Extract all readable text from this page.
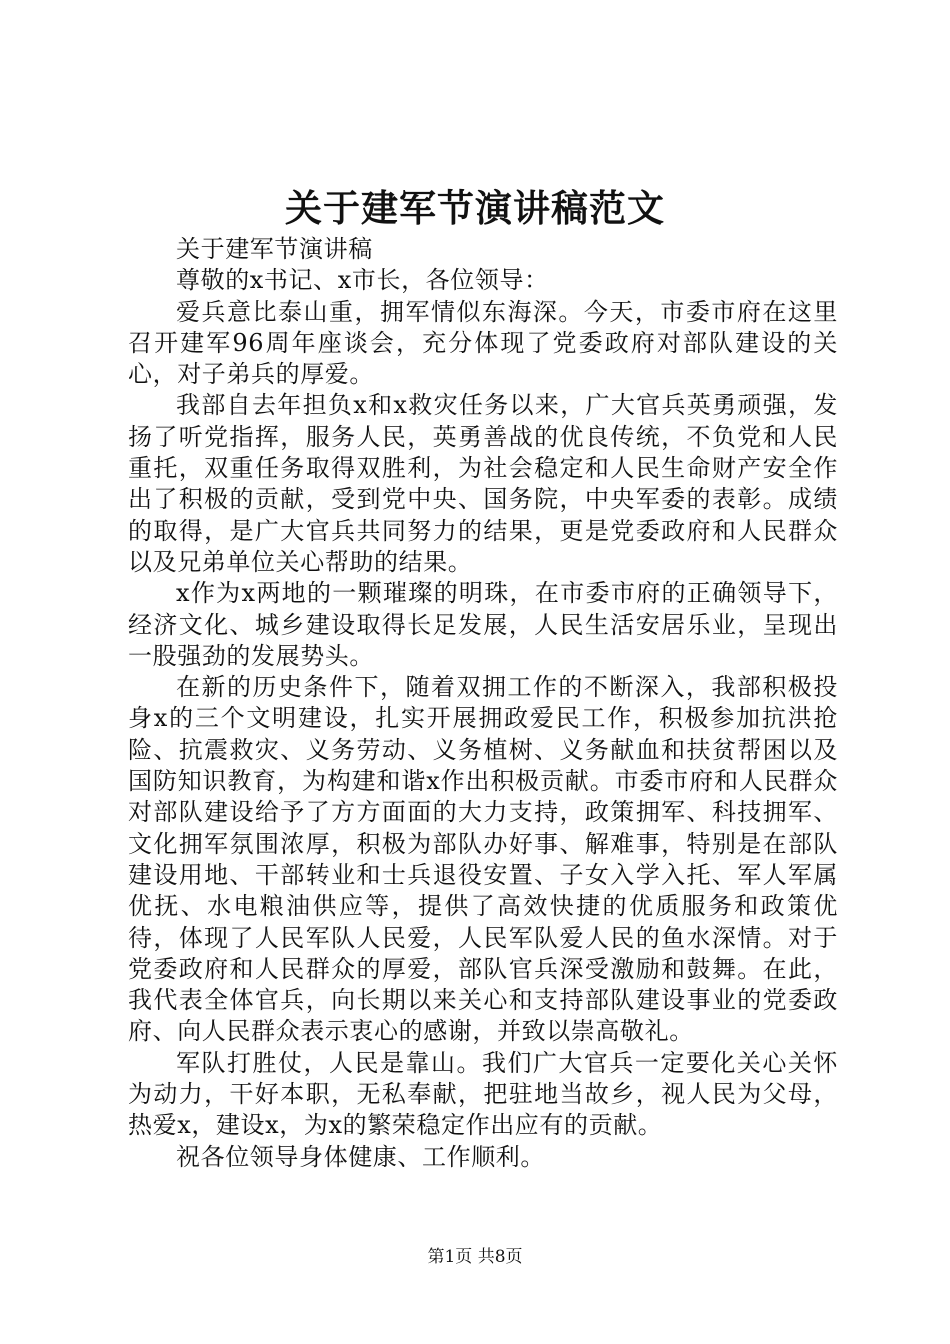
关于建军节演讲稿范文

关于建军节演讲稿

尊敬的x书记、x市长，各位领导：

爱兵意比泰山重，拥军情似东海深。今天，市委市府在这里召开建军96周年座谈会，充分体现了党委政府对部队建设的关心，对子弟兵的厚爱。

我部自去年担负x和x救灾任务以来，广大官兵英勇顽强，发扬了听党指挥，服务人民，英勇善战的优良传统，不负党和人民重托，双重任务取得双胜利，为社会稳定和人民生命财产安全作出了积极的贡献，受到党中央、国务院，中央军委的表彰。成绩的取得，是广大官兵共同努力的结果，更是党委政府和人民群众以及兄弟单位关心帮助的结果。

x作为x两地的一颗璀璨的明珠，在市委市府的正确领导下，经济文化、城乡建设取得长足发展，人民生活安居乐业，呈现出一股强劲的发展势头。

在新的历史条件下，随着双拥工作的不断深入，我部积极投身x的三个文明建设，扎实开展拥政爱民工作，积极参加抗洪抢险、抗震救灾、义务劳动、义务植树、义务献血和扶贫帮困以及国防知识教育，为构建和谐x作出积极贡献。市委市府和人民群众对部队建设给予了方方面面的大力支持，政策拥军、科技拥军、文化拥军氛围浓厚，积极为部队办好事、解难事，特别是在部队建设用地、干部转业和士兵退役安置、子女入学入托、军人军属优抚、水电粮油供应等，提供了高效快捷的优质服务和政策优待，体现了人民军队人民爱，人民军队爱人民的鱼水深情。对于党委政府和人民群众的厚爱，部队官兵深受激励和鼓舞。在此，我代表全体官兵，向长期以来关心和支持部队建设事业的党委政府、向人民群众表示衷心的感谢，并致以崇高敬礼。

军队打胜仗，人民是靠山。我们广大官兵一定要化关心关怀为动力，干好本职，无私奉献，把驻地当故乡，视人民为父母，热爱x，建设x，为x的繁荣稳定作出应有的贡献。

祝各位领导身体健康、工作顺利。

第1页 共8页
